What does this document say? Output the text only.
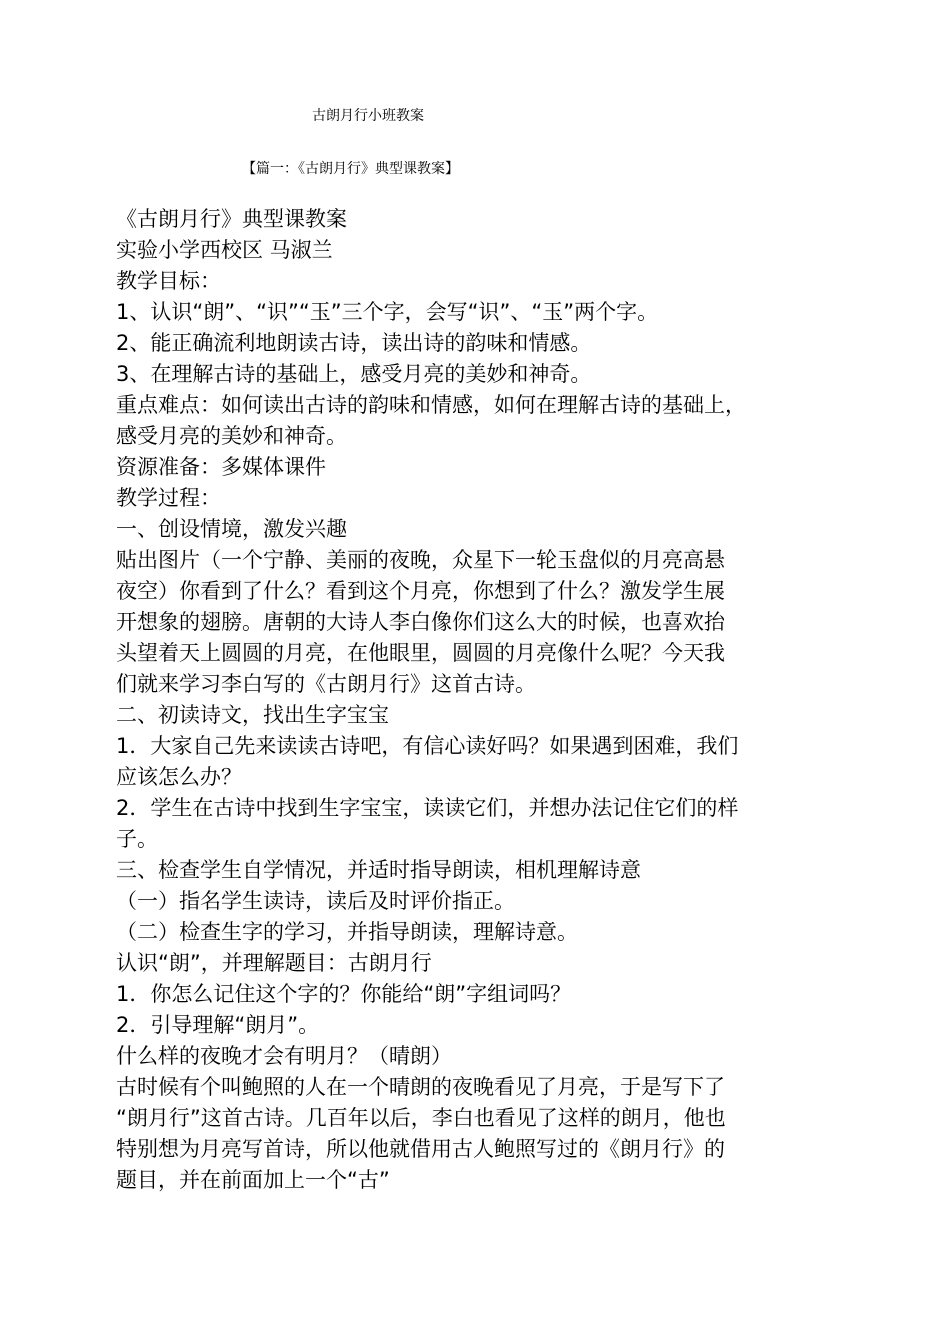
古朗月行小班教案
【篇一：《古朗月行》典型课教案】
《古朗月行》典型课教案
实验小学西校区 马淑兰
教学目标：
1、认识“朗”、“识”“玉”三个字，会写“识”、“玉”两个字。
2、能正确流利地朗读古诗，读出诗的韵味和情感。
3、在理解古诗的基础上，感受月亮的美妙和神奇。
重点难点：如何读出古诗的韵味和情感，如何在理解古诗的基础上，
感受月亮的美妙和神奇。
资源准备：多媒体课件
教学过程：
一、创设情境，激发兴趣
贴出图片（一个宁静、美丽的夜晚，众星下一轮玉盘似的月亮高悬
夜空）你看到了什么？看到这个月亮，你想到了什么？激发学生展
开想象的翅膀。唐朝的大诗人李白像你们这么大的时候，也喜欢抬
头望着天上圆圆的月亮，在他眼里，圆圆的月亮像什么呢？今天我
们就来学习李白写的《古朗月行》这首古诗。
二、初读诗文，找出生字宝宝
1．大家自己先来读读古诗吧，有信心读好吗？如果遇到困难，我们
应该怎么办？
2．学生在古诗中找到生字宝宝，读读它们，并想办法记住它们的样
子。
三、检查学生自学情况，并适时指导朗读，相机理解诗意
（一）指名学生读诗，读后及时评价指正。
（二）检查生字的学习，并指导朗读，理解诗意。
认识“朗”，并理解题目：古朗月行
1．你怎么记住这个字的？你能给“朗”字组词吗？
2．引导理解“朗月”。
什么样的夜晚才会有明月？（晴朗）
古时候有个叫鲍照的人在一个晴朗的夜晚看见了月亮，于是写下了
“朗月行”这首古诗。几百年以后，李白也看见了这样的朗月，他也
特别想为月亮写首诗，所以他就借用古人鲍照写过的《朗月行》的
题目，并在前面加上一个“古”
